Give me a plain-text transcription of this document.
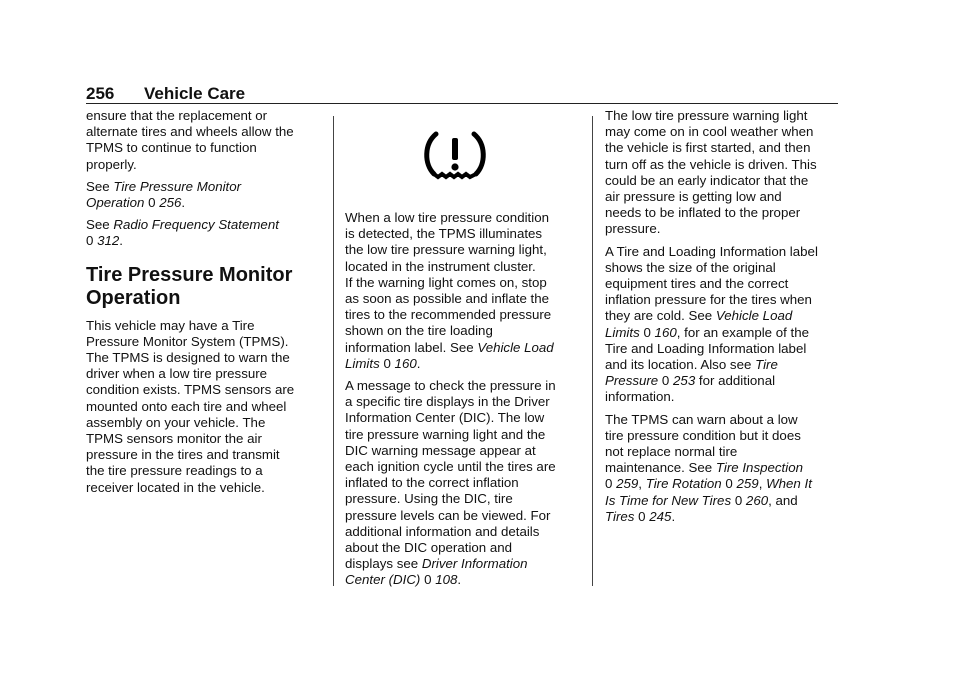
256 Vehicle Care

ensure that the replacement or
alternate tires and wheels allow the
TPMS to continue to function
properly.

See Tire Pressure Monitor
Operation 0 256.

See Radio Frequency Statement
0 312.

Tire Pressure Monitor
Operation

This vehicle may have a Tire
Pressure Monitor System (TPMS).
The TPMS is designed to warn the
driver when a low tire pressure
condition exists. TPMS sensors are
mounted onto each tire and wheel
assembly on your vehicle. The
TPMS sensors monitor the air
pressure in the tires and transmit
the tire pressure readings to a
receiver located in the vehicle.

When a low tire pressure condition
is detected, the TPMS illuminates
the low tire pressure warning light,
located in the instrument cluster.
If the warning light comes on, stop
as soon as possible and inflate the
tires to the recommended pressure
shown on the tire loading
information label. See Vehicle Load
Limits 0 160.

A message to check the pressure in
a specific tire displays in the Driver
Information Center (DIC). The low
tire pressure warning light and the
DIC warning message appear at
each ignition cycle until the tires are
inflated to the correct inflation
pressure. Using the DIC, tire
pressure levels can be viewed. For
additional information and details
about the DIC operation and
displays see Driver Information
Center (DIC) 0 108.

The low tire pressure warning light
may come on in cool weather when
the vehicle is first started, and then
turn off as the vehicle is driven. This
could be an early indicator that the
air pressure is getting low and
needs to be inflated to the proper
pressure.

A Tire and Loading Information label
shows the size of the original
equipment tires and the correct
inflation pressure for the tires when
they are cold. See Vehicle Load
Limits 0 160, for an example of the
Tire and Loading Information label
and its location. Also see Tire
Pressure 0 253 for additional
information.

The TPMS can warn about a low
tire pressure condition but it does
not replace normal tire
maintenance. See Tire Inspection
0 259, Tire Rotation 0 259, When It
Is Time for New Tires 0 260, and
Tires 0 245.
